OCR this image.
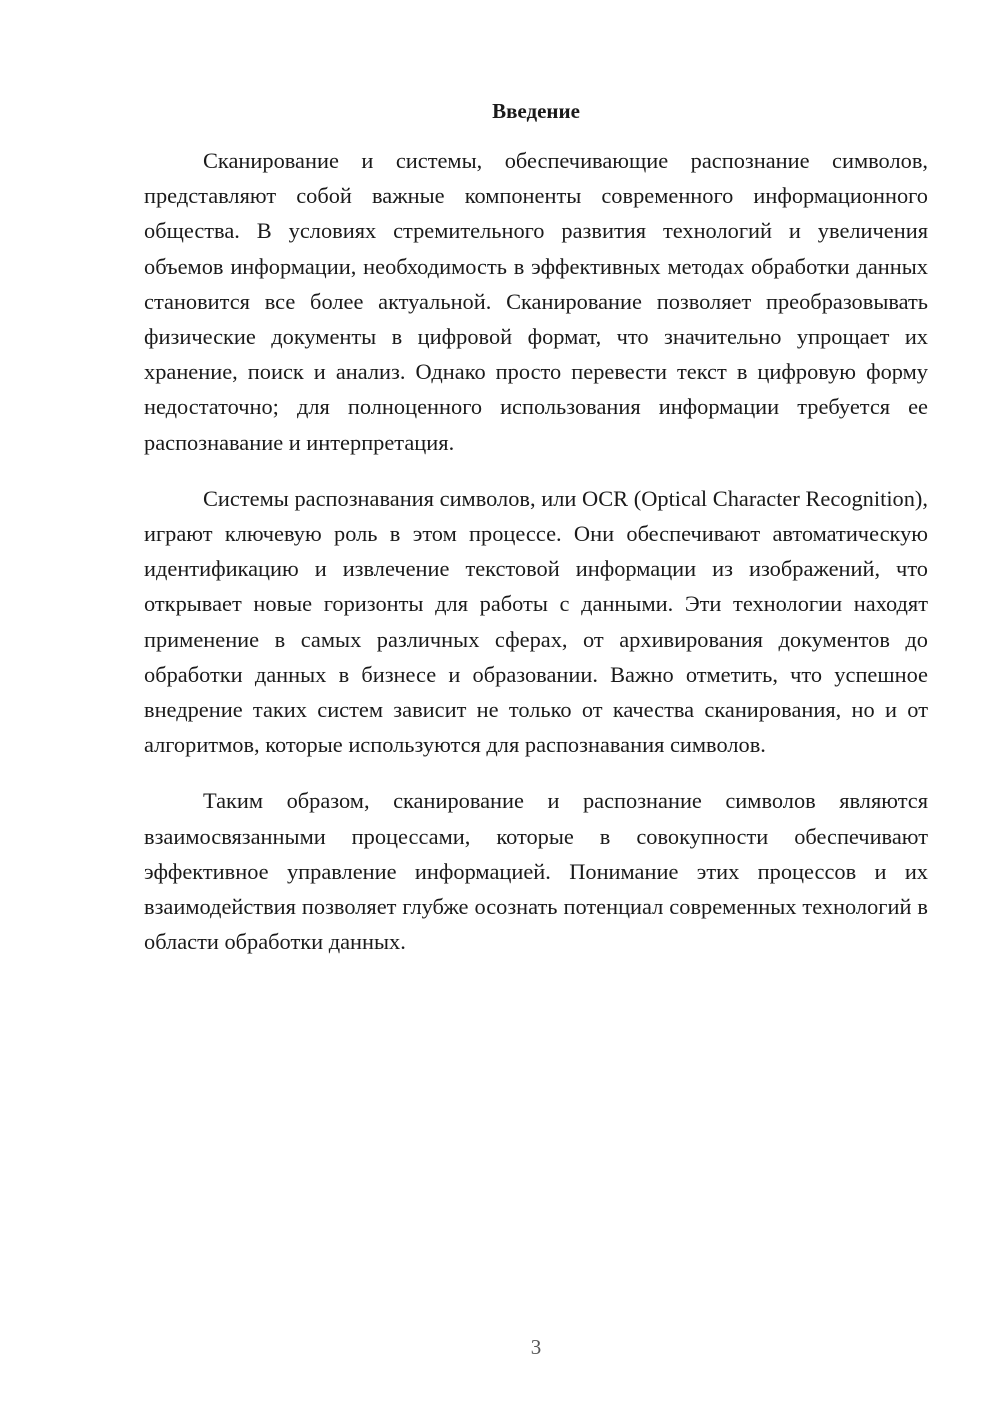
Введение

Сканирование и системы, обеспечивающие распознание символов, представляют собой важные компоненты современного информационного общества. В условиях стремительного развития технологий и увеличения объемов информации, необходимость в эффективных методах обработки данных становится все более актуальной. Сканирование позволяет преобразовывать физические документы в цифровой формат, что значительно упрощает их хранение, поиск и анализ. Однако просто перевести текст в цифровую форму недостаточно; для полноценного использования информации требуется ее распознавание и интерпретация.

Системы распознавания символов, или OCR (Optical Character Recognition), играют ключевую роль в этом процессе. Они обеспечивают автоматическую идентификацию и извлечение текстовой информации из изображений, что открывает новые горизонты для работы с данными. Эти технологии находят применение в самых различных сферах, от архивирования документов до обработки данных в бизнесе и образовании. Важно отметить, что успешное внедрение таких систем зависит не только от качества сканирования, но и от алгоритмов, которые используются для распознавания символов.

Таким образом, сканирование и распознание символов являются взаимосвязанными процессами, которые в совокупности обеспечивают эффективное управление информацией. Понимание этих процессов и их взаимодействия позволяет глубже осознать потенциал современных технологий в области обработки данных.

3
